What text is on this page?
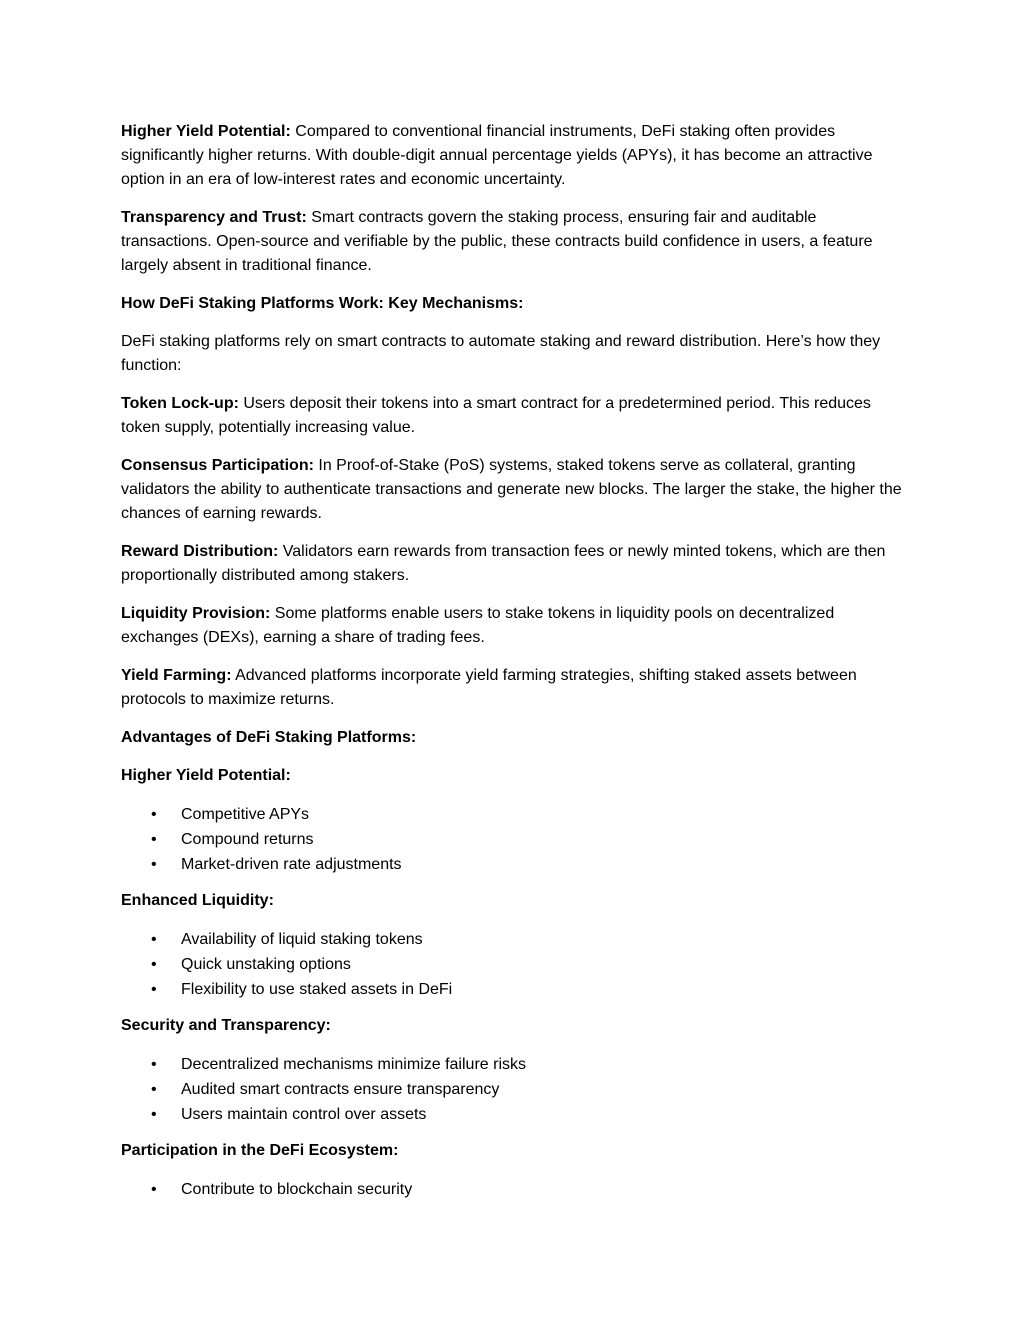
Higher Yield Potential: Compared to conventional financial instruments, DeFi staking often provides significantly higher returns. With double-digit annual percentage yields (APYs), it has become an attractive option in an era of low-interest rates and economic uncertainty.

Transparency and Trust: Smart contracts govern the staking process, ensuring fair and auditable transactions. Open-source and verifiable by the public, these contracts build confidence in users, a feature largely absent in traditional finance.

How DeFi Staking Platforms Work: Key Mechanisms:

DeFi staking platforms rely on smart contracts to automate staking and reward distribution. Here’s how they function:

Token Lock-up: Users deposit their tokens into a smart contract for a predetermined period. This reduces token supply, potentially increasing value.

Consensus Participation: In Proof-of-Stake (PoS) systems, staked tokens serve as collateral, granting validators the ability to authenticate transactions and generate new blocks. The larger the stake, the higher the chances of earning rewards.

Reward Distribution: Validators earn rewards from transaction fees or newly minted tokens, which are then proportionally distributed among stakers.

Liquidity Provision: Some platforms enable users to stake tokens in liquidity pools on decentralized exchanges (DEXs), earning a share of trading fees.

Yield Farming: Advanced platforms incorporate yield farming strategies, shifting staked assets between protocols to maximize returns.

Advantages of DeFi Staking Platforms:

Higher Yield Potential:

• Competitive APYs
• Compound returns
• Market-driven rate adjustments

Enhanced Liquidity:

• Availability of liquid staking tokens
• Quick unstaking options
• Flexibility to use staked assets in DeFi

Security and Transparency:

• Decentralized mechanisms minimize failure risks
• Audited smart contracts ensure transparency
• Users maintain control over assets

Participation in the DeFi Ecosystem:

• Contribute to blockchain security
